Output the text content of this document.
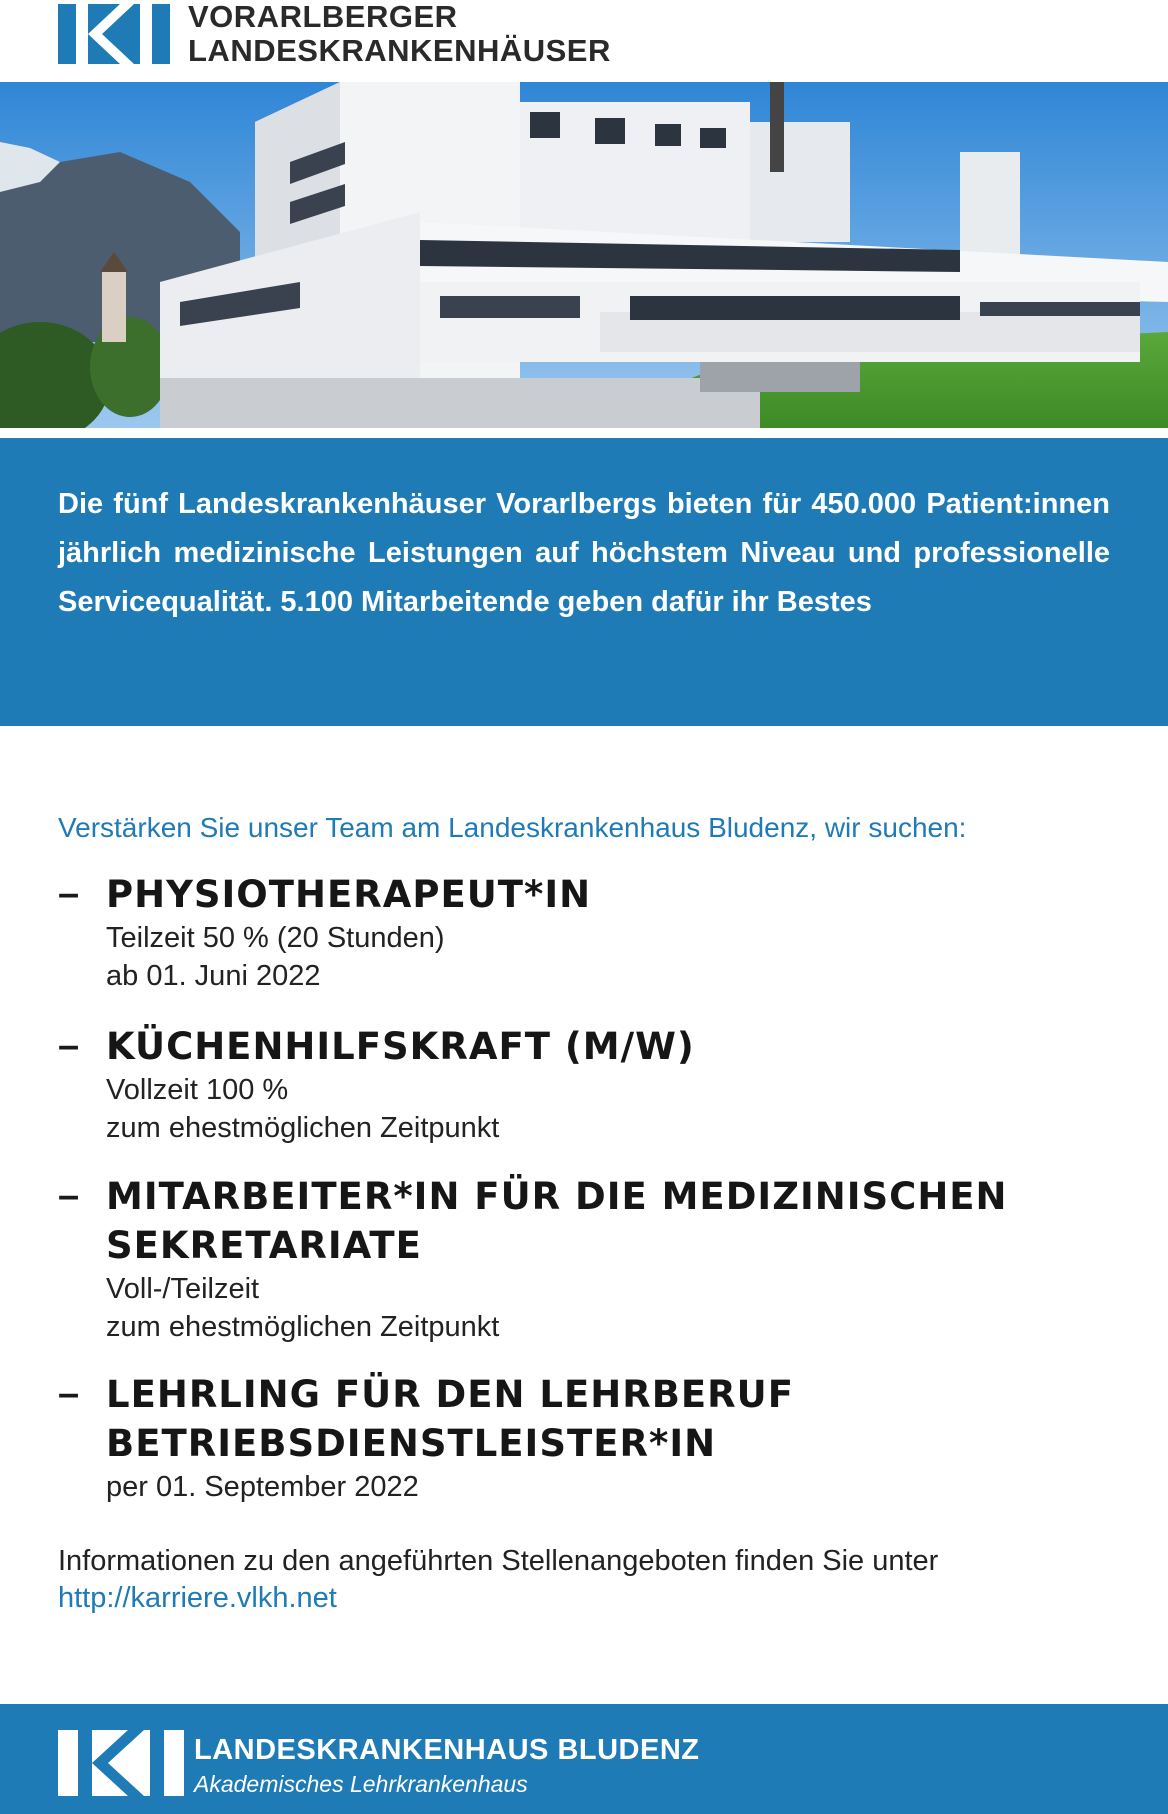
VORARLBERGER
LANDESKRANKENHÄUSER
Die fünf Landeskrankenhäuser Vorarlbergs bieten für 450.000 Patient:innen jährlich medizinische Leistungen auf höchstem Niveau und professionelle Servicequalität. 5.100 Mitarbeitende geben dafür ihr Bestes
Verstärken Sie unser Team am Landeskrankenhaus Bludenz, wir suchen:
– PHYSIOTHERAPEUT*IN
Teilzeit 50 % (20 Stunden)
ab 01. Juni 2022
– KÜCHENHILFSKRAFT (M/W)
Vollzeit 100 %
zum ehestmöglichen Zeitpunkt
– MITARBEITER*IN FÜR DIE MEDIZINISCHEN
SEKRETARIATE
Voll-/Teilzeit
zum ehestmöglichen Zeitpunkt
– LEHRLING FÜR DEN LEHRBERUF
BETRIEBSDIENSTLEISTER*IN
per 01. September 2022
Informationen zu den angeführten Stellenangeboten finden Sie unter
http://karriere.vlkh.net
LANDESKRANKENHAUS BLUDENZ
Akademisches Lehrkrankenhaus
